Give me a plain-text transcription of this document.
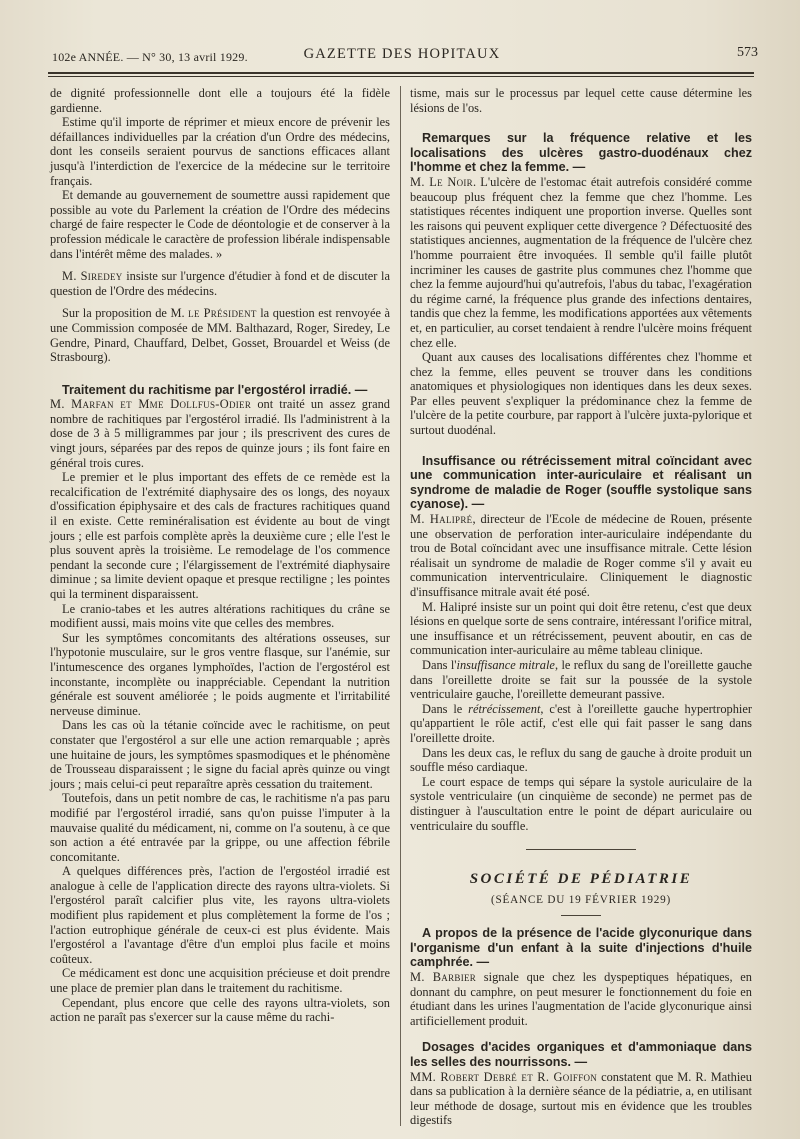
102e ANNÉE. — N° 30, 13 avril 1929.	GAZETTE DES HOPITAUX	573

de dignité professionnelle dont elle a toujours été la fidèle gardienne.

Estime qu'il importe de réprimer et mieux encore de prévenir les défaillances individuelles par la création d'un Ordre des médecins, dont les conseils seraient pourvus de sanctions efficaces allant jusqu'à l'interdiction de l'exercice de la médecine sur le territoire français.

Et demande au gouvernement de soumettre aussi rapidement que possible au vote du Parlement la création de l'Ordre des médecins chargé de faire respecter le Code de déontologie et de conserver à la profession médicale le caractère de profession libérale indispensable dans l'intérêt même des malades. »

M. Siredey insiste sur l'urgence d'étudier à fond et de discuter la question de l'Ordre des médecins.

Sur la proposition de M. le Président la question est renvoyée à une Commission composée de MM. Balthazard, Roger, Siredey, Le Gendre, Pinard, Chauffard, Delbet, Gosset, Brouardel et Weiss (de Strasbourg).

Traitement du rachitisme par l'ergostérol irradié. —

M. Marfan et Mme Dollfus-Odier ont traité un assez grand nombre de rachitiques par l'ergostérol irradié. Ils l'administrent à la dose de 3 à 5 milligrammes par jour ; ils prescrivent des cures de vingt jours, séparées par des repos de quinze jours ; ils font faire en général trois cures.

Le premier et le plus important des effets de ce remède est la recalcification de l'extrémité diaphysaire des os longs, des noyaux d'ossification épiphysaire et des cals de fractures rachitiques quand il en existe. Cette reminéralisation est évidente au bout de vingt jours ; elle est parfois complète après la deuxième cure ; elle l'est le plus souvent après la troisième. Le remodelage de l'os commence pendant la seconde cure ; l'élargissement de l'extrémité diaphysaire diminue ; sa limite devient opaque et presque rectiligne ; les pointes qui la terminent disparaissent.

Le cranio-tabes et les autres altérations rachitiques du crâne se modifient aussi, mais moins vite que celles des membres.

Sur les symptômes concomitants des altérations osseuses, sur l'hypotonie musculaire, sur le gros ventre flasque, sur l'anémie, sur l'intumescence des organes lymphoïdes, l'action de l'ergostérol est inconstante, incomplète ou inappréciable. Cependant la nutrition générale est souvent améliorée ; le poids augmente et l'irritabilité nerveuse diminue.

Dans les cas où la tétanie coïncide avec le rachitisme, on peut constater que l'ergostérol a sur elle une action remarquable ; après une huitaine de jours, les symptômes spasmodiques et le phénomène de Trousseau disparaissent ; le signe du facial après quinze ou vingt jours ; mais celui-ci peut reparaître après cessation du traitement.

Toutefois, dans un petit nombre de cas, le rachitisme n'a pas paru modifié par l'ergostérol irradié, sans qu'on puisse l'imputer à la mauvaise qualité du médicament, ni, comme on l'a soutenu, à ce que son action a été entravée par la grippe, ou une affection fébrile concomitante.

A quelques différences près, l'action de l'ergostéol irradié est analogue à celle de l'application directe des rayons ultra-violets. Si l'ergostérol paraît calcifier plus vite, les rayons ultra-violets modifient plus rapidement et plus complètement la forme de l'os ; l'action eutrophique générale de ceux-ci est plus évidente. Mais l'ergostérol a l'avantage d'être d'un emploi plus facile et moins coûteux.

Ce médicament est donc une acquisition précieuse et doit prendre une place de premier plan dans le traitement du rachitisme.

Cependant, plus encore que celle des rayons ultra-violets, son action ne paraît pas s'exercer sur la cause même du rachi-

tisme, mais sur le processus par lequel cette cause détermine les lésions de l'os.

Remarques sur la fréquence relative et les localisations des ulcères gastro-duodénaux chez l'homme et chez la femme. —

M. Le Noir. L'ulcère de l'estomac était autrefois considéré comme beaucoup plus fréquent chez la femme que chez l'homme. Les statistiques récentes indiquent une proportion inverse. Quelles sont les raisons qui peuvent expliquer cette divergence ? Défectuosité des statistiques anciennes, augmentation de la fréquence de l'ulcère chez l'homme pourraient être invoquées. Il semble qu'il faille plutôt incriminer les causes de gastrite plus communes chez l'homme que chez la femme aujourd'hui qu'autrefois, l'abus du tabac, l'exagération du régime carné, la fréquence plus grande des infections dentaires, tandis que chez la femme, les modifications apportées aux vêtements et, en particulier, au corset tendaient à rendre l'ulcère moins fréquent chez elle.

Quant aux causes des localisations différentes chez l'homme et chez la femme, elles peuvent se trouver dans les conditions anatomiques et physiologiques non identiques dans les deux sexes. Par elles peuvent s'expliquer la prédominance chez la femme de l'ulcère de la petite courbure, par rapport à l'ulcère juxta-pylorique et surtout duodénal.

Insuffisance ou rétrécissement mitral coïncidant avec une communication inter-auriculaire et réalisant un syndrome de maladie de Roger (souffle systolique sans cyanose). —

M. Halipré, directeur de l'Ecole de médecine de Rouen, présente une observation de perforation inter-auriculaire indépendante du trou de Botal coïncidant avec une insuffisance mitrale. Cette lésion réalisait un syndrome de maladie de Roger comme s'il y avait eu communication interventriculaire. Cliniquement le diagnostic d'insuffisance mitrale avait été posé.

M. Halipré insiste sur un point qui doit être retenu, c'est que deux lésions en quelque sorte de sens contraire, intéressant l'orifice mitral, une insuffisance et un rétrécissement, peuvent aboutir, en cas de communication inter-auriculaire au même tableau clinique.

Dans l'insuffisance mitrale, le reflux du sang de l'oreillette gauche dans l'oreillette droite se fait sur la poussée de la systole ventriculaire gauche, l'oreillette demeurant passive.

Dans le rétrécissement, c'est à l'oreillette gauche hypertrophier qu'appartient le rôle actif, c'est elle qui fait passer le sang dans l'oreillette droite.

Dans les deux cas, le reflux du sang de gauche à droite produit un souffle méso cardiaque.

Le court espace de temps qui sépare la systole auriculaire de la systole ventriculaire (un cinquième de seconde) ne permet pas de distinguer à l'auscultation entre le point de départ auriculaire ou ventriculaire du souffle.

SOCIÉTÉ DE PÉDIATRIE
(SÉANCE DU 19 FÉVRIER 1929)
A propos de la présence de l'acide glyconurique dans l'organisme d'un enfant à la suite d'injections d'huile camphrée. —

M. Barbier signale que chez les dyspeptiques hépatiques, en donnant du camphre, on peut mesurer le fonctionnement du foie en étudiant dans les urines l'augmentation de l'acide glyconurique ainsi artificiellement produit.

Dosages d'acides organiques et d'ammoniaque dans les selles des nourrissons. —

MM. Robert Debré et R. Goiffon constatent que M. R. Mathieu dans sa publication à la dernière séance de la pédiatrie, a, en utilisant leur méthode de dosage, surtout mis en évidence que les troubles digestifs
